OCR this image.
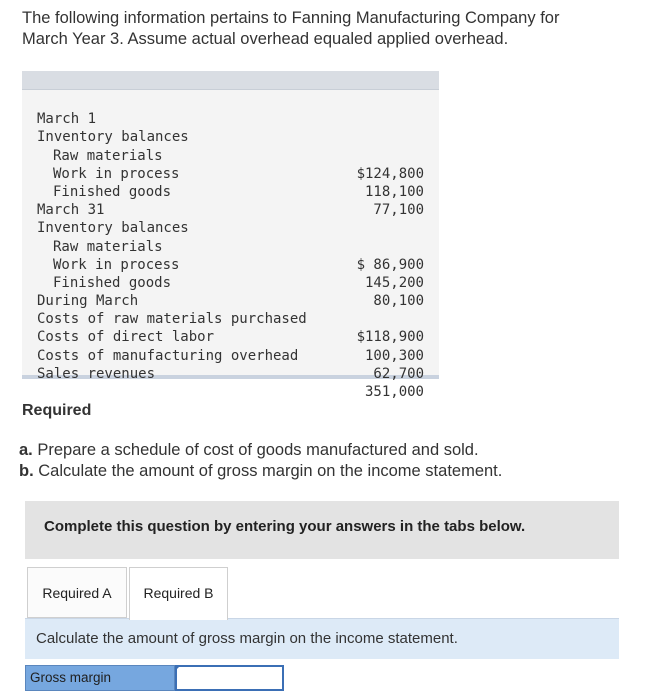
The following information pertains to Fanning Manufacturing Company for
March Year 3. Assume actual overhead equaled applied overhead.

March 1

Inventory balances

Raw materials

$124,800

Work in process

118,100

Finished goods

77,100

March 31

Inventory balances

Raw materials

$ 86,900

Work in process

145,200

Finished goods

80,100

During March

Costs of raw materials purchased

$118,900

Costs of direct labor

100,300

Costs of manufacturing overhead

62,700

Sales revenues

351,000

Required
a. Prepare a schedule of cost of goods manufactured and sold.
b. Calculate the amount of gross margin on the income statement.
Complete this question by entering your answers in the tabs below.
Required A	Required B
Calculate the amount of gross margin on the income statement.
Gross margin
